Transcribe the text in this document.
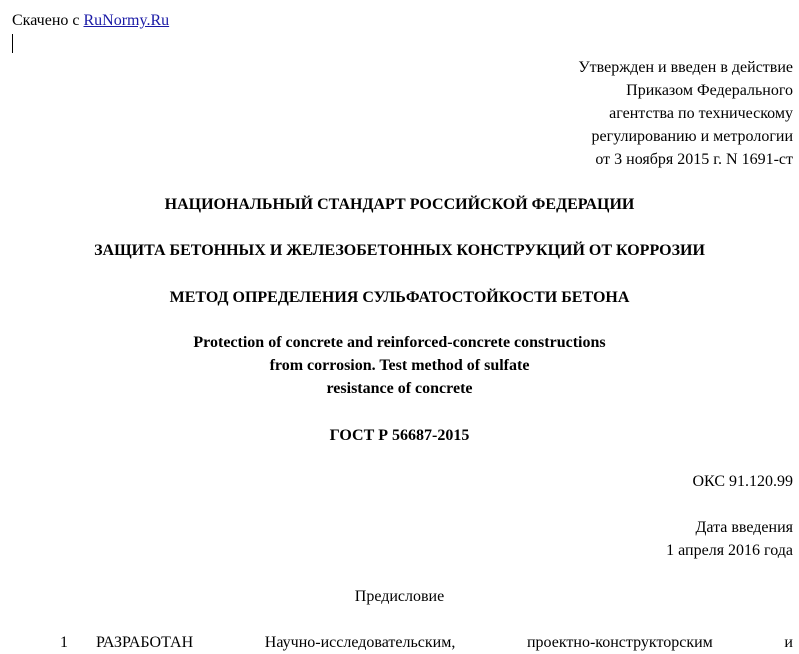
Скачено с RuNormy.Ru
Утвержден и введен в действие
Приказом Федерального
агентства по техническому
регулированию и метрологии
от 3 ноября 2015 г. N 1691-ст
НАЦИОНАЛЬНЫЙ СТАНДАРТ РОССИЙСКОЙ ФЕДЕРАЦИИ
ЗАЩИТА БЕТОННЫХ И ЖЕЛЕЗОБЕТОННЫХ КОНСТРУКЦИЙ ОТ КОРРОЗИИ
МЕТОД ОПРЕДЕЛЕНИЯ СУЛЬФАТОСТОЙКОСТИ БЕТОНА
Protection of concrete and reinforced-concrete constructions
from corrosion. Test method of sulfate
resistance of concrete
ГОСТ Р 56687-2015
ОКС 91.120.99
Дата введения
1 апреля 2016 года
Предисловие
1 РАЗРАБОТАН	Научно-исследовательским,	проектно-конструкторским	и
